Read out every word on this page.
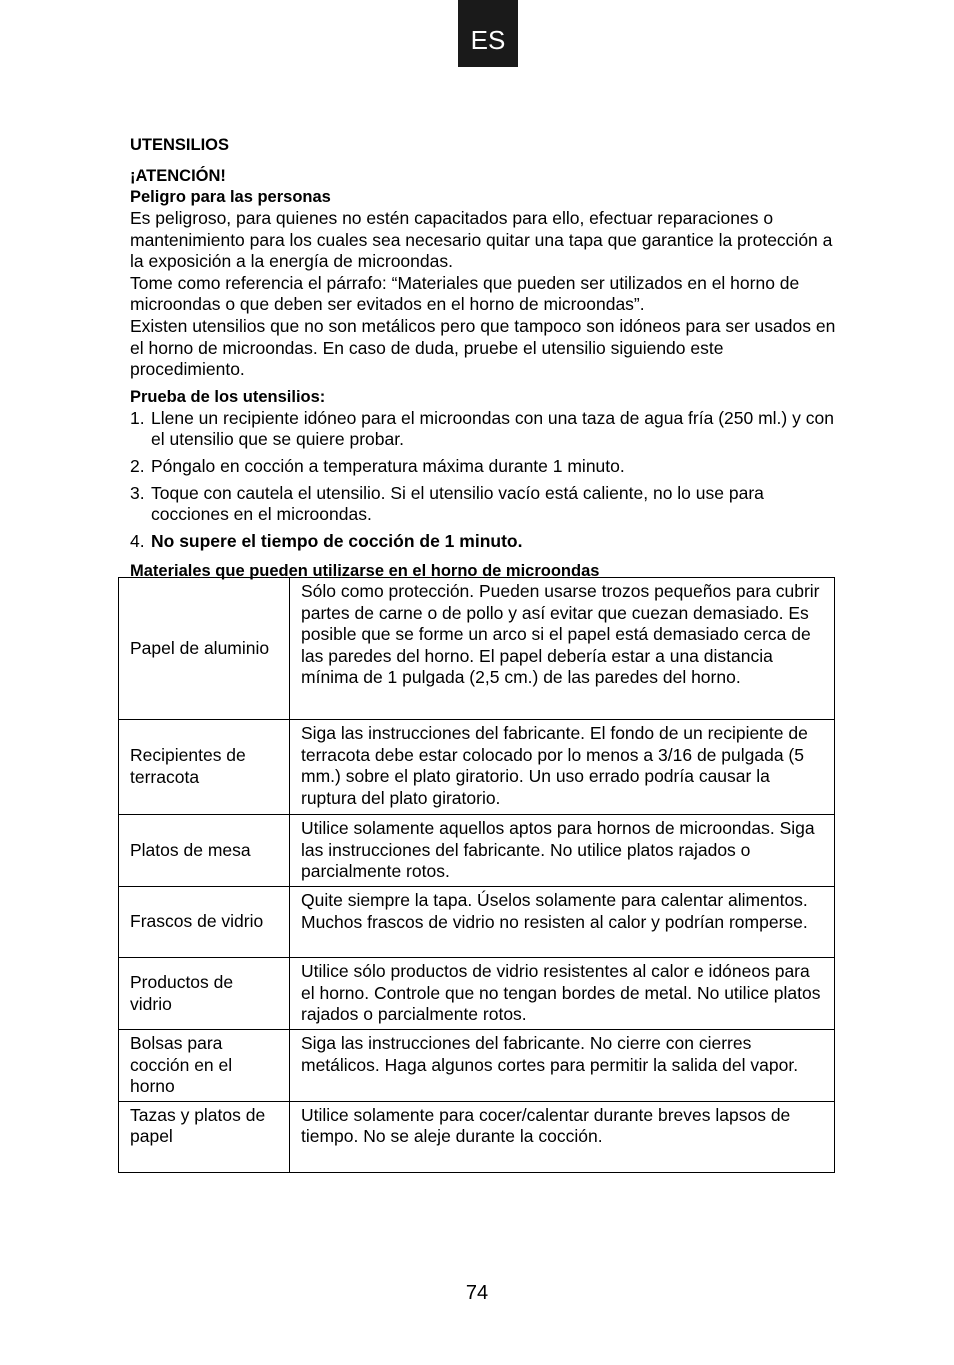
ES

UTENSILIOS

¡ATENCIÓN!

Peligro para las personas

Es peligroso, para quienes no estén capacitados para ello, efectuar reparaciones o mantenimiento para los cuales sea necesario quitar una tapa que garantice la protección a la exposición a la energía de microondas.

Tome como referencia el párrafo: “Materiales que pueden ser utilizados en el horno de microondas o que deben ser evitados en el horno de microondas”.

Existen utensilios que no son metálicos pero que tampoco son idóneos para ser usados en el horno de microondas. En caso de duda, pruebe el utensilio siguiendo este procedimiento.

Prueba de los utensilios:

1. Llene un recipiente idóneo para el microondas con una taza de agua fría (250 ml.) y con el utensilio que se quiere probar.
2. Póngalo en cocción a temperatura máxima durante 1 minuto.
3. Toque con cautela el utensilio. Si el utensilio vacío está caliente, no lo use para cocciones en el microondas.
4. No supere el tiempo de cocción de 1 minuto.

Materiales que pueden utilizarse en el horno de microondas

Papel de aluminio	Sólo como protección. Pueden usarse trozos pequeños para cubrir partes de carne o de pollo y así evitar que cuezan demasiado. Es posible que se forme un arco si el papel está demasiado cerca de las paredes del horno. El papel debería estar a una distancia mínima de 1 pulgada (2,5 cm.) de las paredes del horno.
Recipientes de terracota	Siga las instrucciones del fabricante. El fondo de un recipiente de terracota debe estar colocado por lo menos a 3/16 de pulgada (5 mm.) sobre el plato giratorio. Un uso errado podría causar la ruptura del plato giratorio.
Platos de mesa	Utilice solamente aquellos aptos para hornos de microondas. Siga las instrucciones del fabricante. No utilice platos rajados o parcialmente rotos.
Frascos de vidrio	Quite siempre la tapa. Úselos solamente para calentar alimentos. Muchos frascos de vidrio no resisten al calor y podrían romperse.
Productos de vidrio	Utilice sólo productos de vidrio resistentes al calor e idóneos para el horno. Controle que no tengan bordes de metal. No utilice platos rajados o parcialmente rotos.
Bolsas para cocción en el horno	Siga las instrucciones del fabricante. No cierre con cierres metálicos. Haga algunos cortes para permitir la salida del vapor.
Tazas y platos de papel	Utilice solamente para cocer/calentar durante breves lapsos de tiempo. No se aleje durante la cocción.
74
